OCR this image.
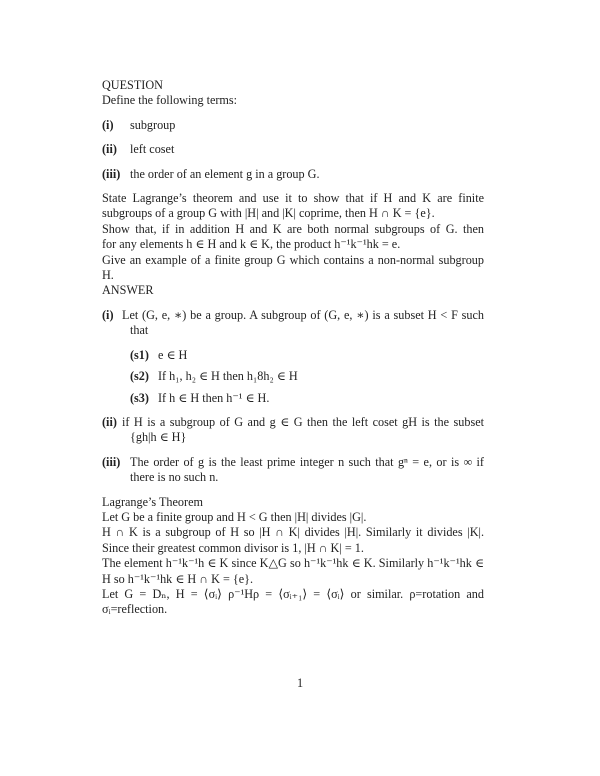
QUESTION
Define the following terms:
(i) subgroup
(ii) left coset
(iii) the order of an element g in a group G.
State Lagrange’s theorem and use it to show that if H and K are finite
subgroups of a group G with |H| and |K| coprime, then H ∩ K = {e}.
Show that, if in addition H and K are both normal subgroups of G. then
for any elements h ∈ H and k ∈ K, the product h⁻¹k⁻¹hk = e.
Give an example of a finite group G which contains a non-normal subgroup
H.
ANSWER
(i) Let (G, e, ∗) be a group. A subgroup of (G, e, ∗) is a subset H < F such
that
(s1) e ∈ H
(s2) If h₁, h₂ ∈ H then h₁8h₂ ∈ H
(s3) If h ∈ H then h⁻¹ ∈ H.
(ii) if H is a subgroup of G and g ∈ G then the left coset gH is the subset
{gh|h ∈ H}
(iii) The order of g is the least prime integer n such that gⁿ = e, or is ∞ if
there is no such n.
Lagrange’s Theorem
Let G be a finite group and H < G then |H| divides |G|.
H ∩ K is a subgroup of H so |H ∩ K| divides |H|. Similarly it divides |K|.
Since their greatest common divisor is 1, |H ∩ K| = 1.
The element h⁻¹k⁻¹h ∈ K since K△G so h⁻¹k⁻¹hk ∈ K. Similarly h⁻¹k⁻¹hk ∈
H so h⁻¹k⁻¹hk ∈ H ∩ K = {e}.
Let G = Dₙ, H = ⟨σᵢ⟩ ρ⁻¹Hρ = ⟨σᵢ₊₁⟩ = ⟨σᵢ⟩ or similar. ρ=rotation and
σᵢ=reflection.
1
